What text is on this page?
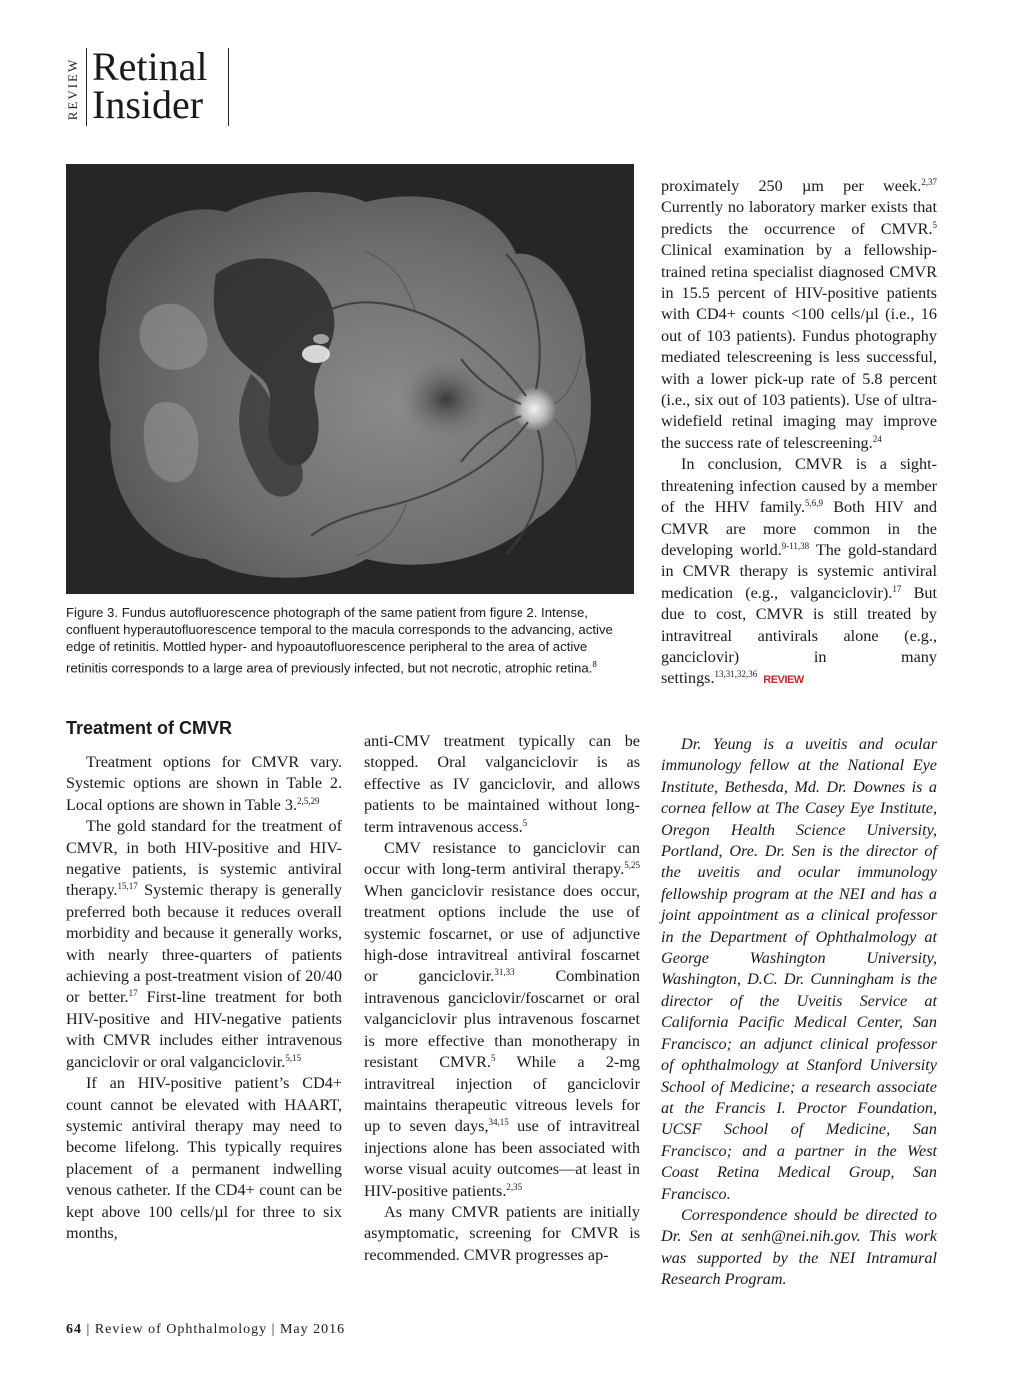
REVIEW Retinal
Insider
Figure 3. Fundus autofluorescence photograph of the same patient from figure 2. Intense, confluent hyperautofluorescence temporal to the macula corresponds to the advancing, active edge of retinitis. Mottled hyper- and hypoautofluorescence peripheral to the area of active retinitis corresponds to a large area of previously infected, but not necrotic, atrophic retina.$^8$
Treatment of CMVR

Treatment options for CMVR vary. Systemic options are shown in Table 2. Local options are shown in Table 3.$^{2,5,29}$

The gold standard for the treatment of CMVR, in both HIV-positive and HIV-negative patients, is systemic antiviral therapy.$^{15,17}$ Systemic therapy is generally preferred both because it reduces overall morbidity and because it generally works, with nearly three-quarters of patients achieving a post-treatment vision of 20/40 or better.$^{17}$ First-line treatment for both HIV-positive and HIV-negative patients with CMVR includes either intravenous ganciclovir or oral valganciclovir.$^{5,15}$

If an HIV-positive patient’s CD4+ count cannot be elevated with HAART, systemic antiviral therapy may need to become lifelong. This typically requires placement of a permanent indwelling venous catheter. If the CD4+ count can be kept above 100 cells/µl for three to six months,

anti-CMV treatment typically can be stopped. Oral valganciclovir is as effective as IV ganciclovir, and allows patients to be maintained without long-term intravenous access.$^5$

CMV resistance to ganciclovir can occur with long-term antiviral therapy.$^{5,25}$ When ganciclovir resistance does occur, treatment options include the use of systemic foscarnet, or use of adjunctive high-dose intravitreal antiviral foscarnet or ganciclovir.$^{31,33}$ Combination intravenous ganciclovir/foscarnet or oral valganciclovir plus intravenous foscarnet is more effective than monotherapy in resistant CMVR.$^5$ While a 2-mg intravitreal injection of ganciclovir maintains therapeutic vitreous levels for up to seven days,$^{34,15}$ use of intravitreal injections alone has been associated with worse visual acuity outcomes—at least in HIV-positive patients.$^{2,35}$

As many CMVR patients are initially asymptomatic, screening for CMVR is recommended. CMVR progresses ap-

proximately 250 µm per week.$^{2,37}$ Currently no laboratory marker exists that predicts the occurrence of CMVR.$^5$ Clinical examination by a fellowship-trained retina specialist diagnosed CMVR in 15.5 percent of HIV-positive patients with CD4+ counts <100 cells/µl (i.e., 16 out of 103 patients). Fundus photography mediated telescreening is less successful, with a lower pick-up rate of 5.8 percent (i.e., six out of 103 patients). Use of ultra-widefield retinal imaging may improve the success rate of telescreening.$^{24}$

In conclusion, CMVR is a sight-threatening infection caused by a member of the HHV family.$^{5,6,9}$ Both HIV and CMVR are more common in the developing world.$^{9-11,38}$ The gold-standard in CMVR therapy is systemic antiviral medication (e.g., valganciclovir).$^{17}$ But due to cost, CMVR is still treated by intravitreal antivirals alone (e.g., ganciclovir) in many settings.$^{13,31,32,36}$ REVIEW

Dr. Yeung is a uveitis and ocular immunology fellow at the National Eye Institute, Bethesda, Md. Dr. Downes is a cornea fellow at The Casey Eye Institute, Oregon Health Science University, Portland, Ore. Dr. Sen is the director of the uveitis and ocular immunology fellowship program at the NEI and has a joint appointment as a clinical professor in the Department of Ophthalmology at George Washington University, Washington, D.C. Dr. Cunningham is the director of the Uveitis Service at California Pacific Medical Center, San Francisco; an adjunct clinical professor of ophthalmology at Stanford University School of Medicine; a research associate at the Francis I. Proctor Foundation, UCSF School of Medicine, San Francisco; and a partner in the West Coast Retina Medical Group, San Francisco.

Correspondence should be directed to Dr. Sen at senh@nei.nih.gov. This work was supported by the NEI Intramural Research Program.

64 | Review of Ophthalmology | May 2016
